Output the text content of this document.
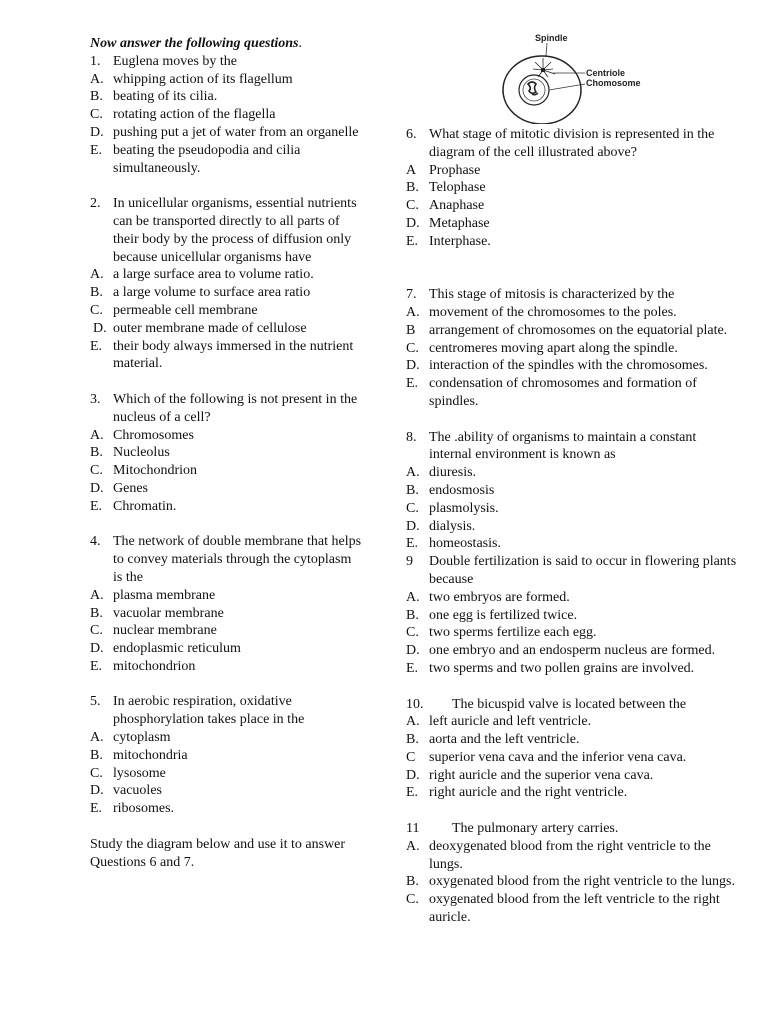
Spindle
Centriole
Chomosome
Now answer the following questions.
1. Euglena moves by the
A. whipping action of its flagellum
B. beating of its cilia.
C. rotating action of the flagella
D. pushing put a jet of water from an organelle
E. beating the pseudopodia and cilia simultaneously.
2. In unicellular organisms, essential nutrients can be transported directly to all parts of their body by the process of diffusion only because unicellular organisms have
A. a large surface area to volume ratio.
B. a large volume to surface area ratio
C. permeable cell membrane
D. outer membrane made of cellulose
E. their body always immersed in the nutrient material.
3. Which of the following is not present in the nucleus of a cell?
A. Chromosomes
B. Nucleolus
C. Mitochondrion
D. Genes
E. Chromatin.
4. The network of double membrane that helps to convey materials through the cytoplasm is the
A. plasma membrane
B. vacuolar membrane
C. nuclear membrane
D. endoplasmic reticulum
E. mitochondrion
5. In aerobic respiration, oxidative phosphorylation takes place in the
A. cytoplasm
B. mitochondria
C. lysosome
D. vacuoles
E. ribosomes.
Study the diagram below and use it to answer Questions 6 and 7.
6. What stage of mitotic division is represented in the diagram of the cell illustrated above?
A Prophase
B. Telophase
C. Anaphase
D. Metaphase
E. Interphase.
7. This stage of mitosis is characterized by the
A. movement of the chromosomes to the poles.
B arrangement of chromosomes on the equatorial plate.
C. centromeres moving apart along the spindle.
D. interaction of the spindles with the chromosomes.
E. condensation of chromosomes and formation of spindles.
8. The .ability of organisms to maintain a constant internal environment is known as
A. diuresis.
B. endosmosis
C. plasmolysis.
D. dialysis.
E. homeostasis.
9 Double fertilization is said to occur in flowering plants because
A. two embryos are formed.
B. one egg is fertilized twice.
C. two sperms fertilize each egg.
D. one embryo and an endosperm nucleus are formed.
E. two sperms and two pollen grains are involved.
10. The bicuspid valve is located between the
A. left auricle and left ventricle.
B. aorta and the left ventricle.
C superior vena cava and the inferior vena cava.
D. right auricle and the superior vena cava.
E. right auricle and the right ventricle.
11 The pulmonary artery carries.
A. deoxygenated blood from the right ventricle to the lungs.
B. oxygenated blood from the right ventricle to the lungs.
C. oxygenated blood from the left ventricle to the right auricle.
